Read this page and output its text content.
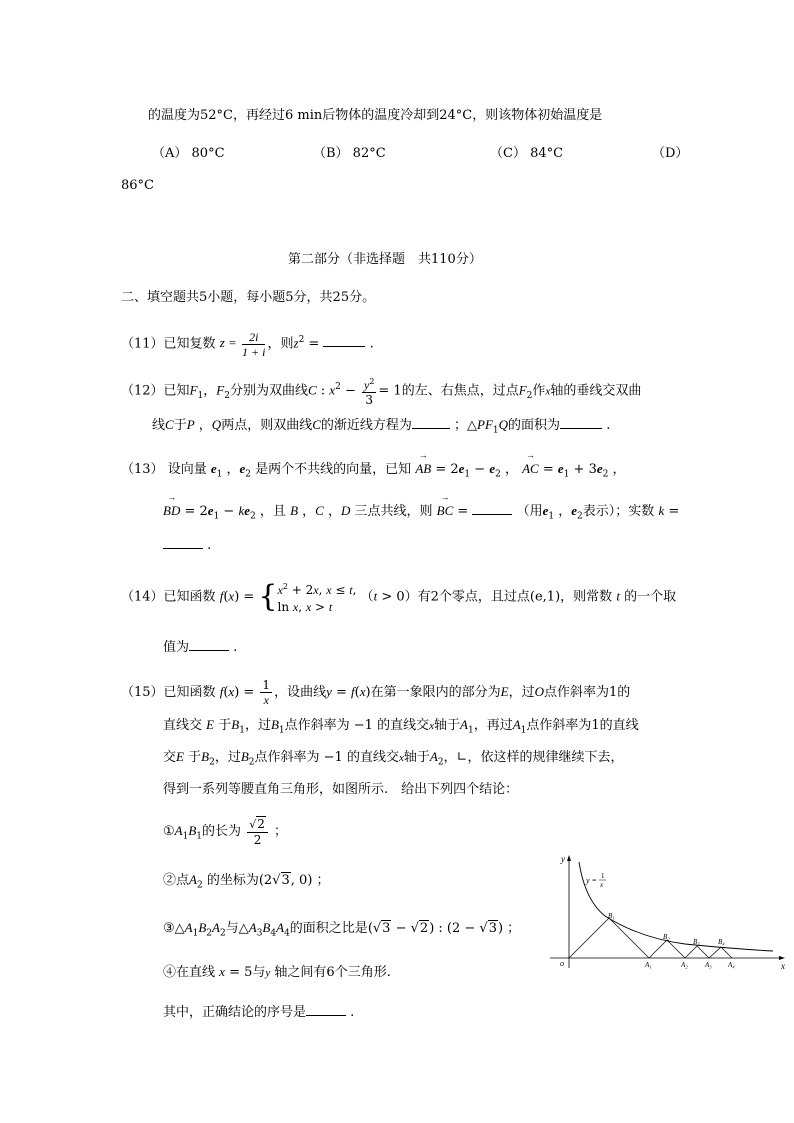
的温度为52°C，再经过6 min后物体的温度冷却到24°C，则该物体初始温度是
（A） 80°C	（B） 82°C	（C） 84°C	（D）
86°C
第二部分（非选择题　共110分）
二、填空题共5小题，每小题5分，共25分。
（11）已知复数 $z = \frac{2i}{1 + i}$ ，则$z^2$ =	.
（12）已知$F_1$，$F_2$分别为双曲线C : $x^2 - \frac{y^2}{3} = 1$的左、右焦点，过点$F_2$作x轴的垂线交双曲
线C于P ，Q两点，则双曲线C的渐近线方程为	；$\triangle PF_1Q$的面积为	.
（13） 设向量 $e_1$ ，$e_2$ 是两个不共线的向量，已知 → AB = $2e_1 - e_2$ ， → AC = $e_1 + 3e_2$ ，
→ BD = $2e_1 - ke_2$ ，且 B ，C ，D 三点共线，则 → BC =	（用$e_1$ ，$e_2$表示）；实数 k =
.
（14）已知函数 $f(x) = \{x^2 + 2x$, x ≤ t,
ln x, x > t （t > 0）有2个零点，且过点(e,1)，则常数 t 的一个取
值为	.
（15）已知函数 $f(x) = \frac{1}{x}$ ，设曲线y = f(x)在第一象限内的部分为E，过O点作斜率为1的
直线交 E 于$B_1$，过$B_1$点作斜率为 −1 的直线交x轴于$A_1$，再过$A_1$点作斜率为1的直线
交E 于$B_2$，过$B_2$点作斜率为 −1 的直线交x轴于$A_2$，∟，依这样的规律继续下去，
得到一系列等腰直角三角形，如图所示.　给出下列四个结论：
$①A_1B_1$的长为 $\frac{√2}{2}$ ；
②点$A_2$ 的坐标为(2√3, 0) ；
$③\triangle A_1B_2A_2$与$\triangle A_3B_4A_4$的面积之比是(√3 − √2) : (2 − √3) ；
④在直线 x = 5与y 轴之间有6个三角形.
其中，正确结论的序号是	.
y
x
o
y = 1
x
B₁
B₂
B₃	B₄
A₁	A₂ A₃ A₄
